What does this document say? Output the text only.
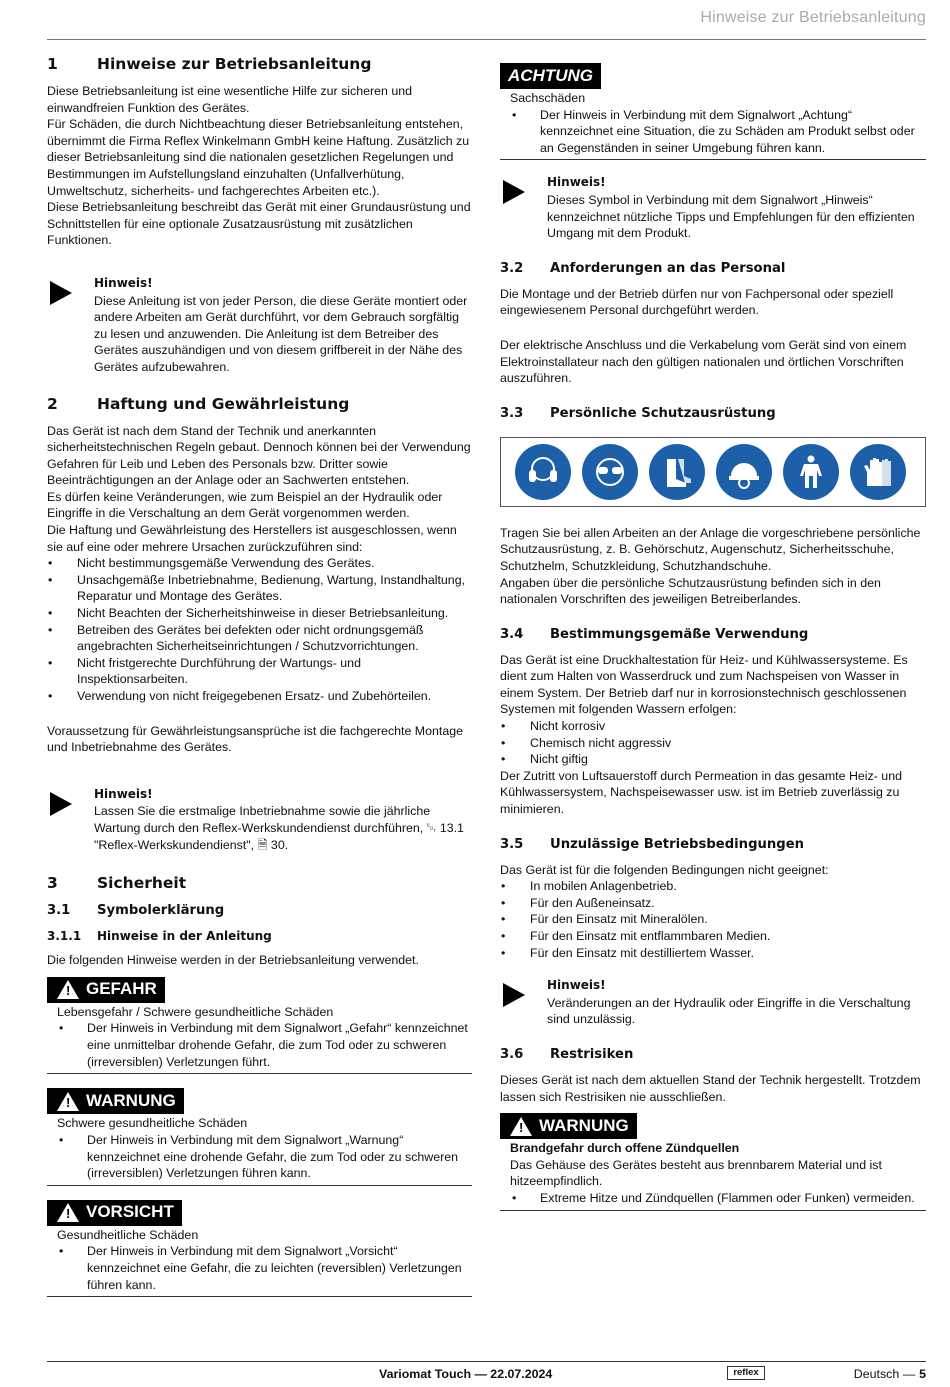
Hinweise zur Betriebsanleitung
1	Hinweise zur Betriebsanleitung

Diese Betriebsanleitung ist eine wesentliche Hilfe zur sicheren und einwandfreien Funktion des Gerätes.

Für Schäden, die durch Nichtbeachtung dieser Betriebsanleitung entstehen, übernimmt die Firma Reflex Winkelmann GmbH keine Haftung. Zusätzlich zu dieser Betriebsanleitung sind die nationalen gesetzlichen Regelungen und Bestimmungen im Aufstellungsland einzuhalten (Unfallverhütung, Umweltschutz, sicherheits- und fachgerechtes Arbeiten etc.).

Diese Betriebsanleitung beschreibt das Gerät mit einer Grundausrüstung und Schnittstellen für eine optionale Zusatzausrüstung mit zusätzlichen Funktionen.

Hinweis!

Diese Anleitung ist von jeder Person, die diese Geräte montiert oder andere Arbeiten am Gerät durchführt, vor dem Gebrauch sorgfältig zu lesen und anzuwenden. Die Anleitung ist dem Betreiber des Gerätes auszuhändigen und von diesem griffbereit in der Nähe des Gerätes aufzubewahren.

2	Haftung und Gewährleistung

Das Gerät ist nach dem Stand der Technik und anerkannten sicherheitstechnischen Regeln gebaut. Dennoch können bei der Verwendung Gefahren für Leib und Leben des Personals bzw. Dritter sowie Beeinträchtigungen an der Anlage oder an Sachwerten entstehen.

Es dürfen keine Veränderungen, wie zum Beispiel an der Hydraulik oder Eingriffe in die Verschaltung an dem Gerät vorgenommen werden.

Die Haftung und Gewährleistung des Herstellers ist ausgeschlossen, wenn sie auf eine oder mehrere Ursachen zurückzuführen sind:

• Nicht bestimmungsgemäße Verwendung des Gerätes.
• Unsachgemäße Inbetriebnahme, Bedienung, Wartung, Instandhaltung, Reparatur und Montage des Gerätes.
• Nicht Beachten der Sicherheitshinweise in dieser Betriebsanleitung.
• Betreiben des Gerätes bei defekten oder nicht ordnungsgemäß angebrachten Sicherheitseinrichtungen / Schutzvorrichtungen.
• Nicht fristgerechte Durchführung der Wartungs- und Inspektionsarbeiten.
• Verwendung von nicht freigegebenen Ersatz- und Zubehörteilen.

Voraussetzung für Gewährleistungsansprüche ist die fachgerechte Montage und Inbetriebnahme des Gerätes.

Hinweis!

Lassen Sie die erstmalige Inbetriebnahme sowie die jährliche Wartung durch den Reflex-Werkskundendienst durchführen, ␄ 13.1 "Reflex-Werkskundendienst", 🗎 30.

3	Sicherheit
3.1	Symbolerklärung
3.1.1	Hinweise in der Anleitung

Die folgenden Hinweise werden in der Betriebsanleitung verwendet.

! GEFAHR
Lebensgefahr / Schwere gesundheitliche Schäden
• Der Hinweis in Verbindung mit dem Signalwort „Gefahr“ kennzeichnet eine unmittelbar drohende Gefahr, die zum Tod oder zu schweren (irreversiblen) Verletzungen führt.
! WARNUNG
Schwere gesundheitliche Schäden
• Der Hinweis in Verbindung mit dem Signalwort „Warnung“ kennzeichnet eine drohende Gefahr, die zum Tod oder zu schweren (irreversiblen) Verletzungen führen kann.
! VORSICHT
Gesundheitliche Schäden
• Der Hinweis in Verbindung mit dem Signalwort „Vorsicht“ kennzeichnet eine Gefahr, die zu leichten (reversiblen) Verletzungen führen kann.
ACHTUNG
Sachschäden
• Der Hinweis in Verbindung mit dem Signalwort „Achtung“ kennzeichnet eine Situation, die zu Schäden am Produkt selbst oder an Gegenständen in seiner Umgebung führen kann.
Hinweis!

Dieses Symbol in Verbindung mit dem Signalwort „Hinweis“ kennzeichnet nützliche Tipps und Empfehlungen für den effizienten Umgang mit dem Produkt.

3.2	Anforderungen an das Personal

Die Montage und der Betrieb dürfen nur von Fachpersonal oder speziell eingewiesenem Personal durchgeführt werden.

Der elektrische Anschluss und die Verkabelung vom Gerät sind von einem Elektroinstallateur nach den gültigen nationalen und örtlichen Vorschriften auszuführen.

3.3	Persönliche Schutzausrüstung

Tragen Sie bei allen Arbeiten an der Anlage die vorgeschriebene persönliche Schutzausrüstung, z. B. Gehörschutz, Augenschutz, Sicherheitsschuhe, Schutzhelm, Schutzkleidung, Schutzhandschuhe.

Angaben über die persönliche Schutzausrüstung befinden sich in den nationalen Vorschriften des jeweiligen Betreiberlandes.

3.4	Bestimmungsgemäße Verwendung

Das Gerät ist eine Druckhaltestation für Heiz- und Kühlwassersysteme. Es dient zum Halten von Wasserdruck und zum Nachspeisen von Wasser in einem System. Der Betrieb darf nur in korrosionstechnisch geschlossenen Systemen mit folgenden Wassern erfolgen:

• Nicht korrosiv
• Chemisch nicht aggressiv
• Nicht giftig

Der Zutritt von Luftsauerstoff durch Permeation in das gesamte Heiz- und Kühlwassersystem, Nachspeisewasser usw. ist im Betrieb zuverlässig zu minimieren.

3.5	Unzulässige Betriebsbedingungen

Das Gerät ist für die folgenden Bedingungen nicht geeignet:

• In mobilen Anlagenbetrieb.
• Für den Außeneinsatz.
• Für den Einsatz mit Mineralölen.
• Für den Einsatz mit entflammbaren Medien.
• Für den Einsatz mit destilliertem Wasser.
Hinweis!

Veränderungen an der Hydraulik oder Eingriffe in die Verschaltung sind unzulässig.

3.6	Restrisiken

Dieses Gerät ist nach dem aktuellen Stand der Technik hergestellt. Trotzdem lassen sich Restrisiken nie ausschließen.

! WARNUNG
Brandgefahr durch offene Zündquellen
Das Gehäuse des Gerätes besteht aus brennbarem Material und ist hitzeempfindlich.
• Extreme Hitze und Zündquellen (Flammen oder Funken) vermeiden.
Variomat Touch — 22.07.2024	reflex	Deutsch — 5
